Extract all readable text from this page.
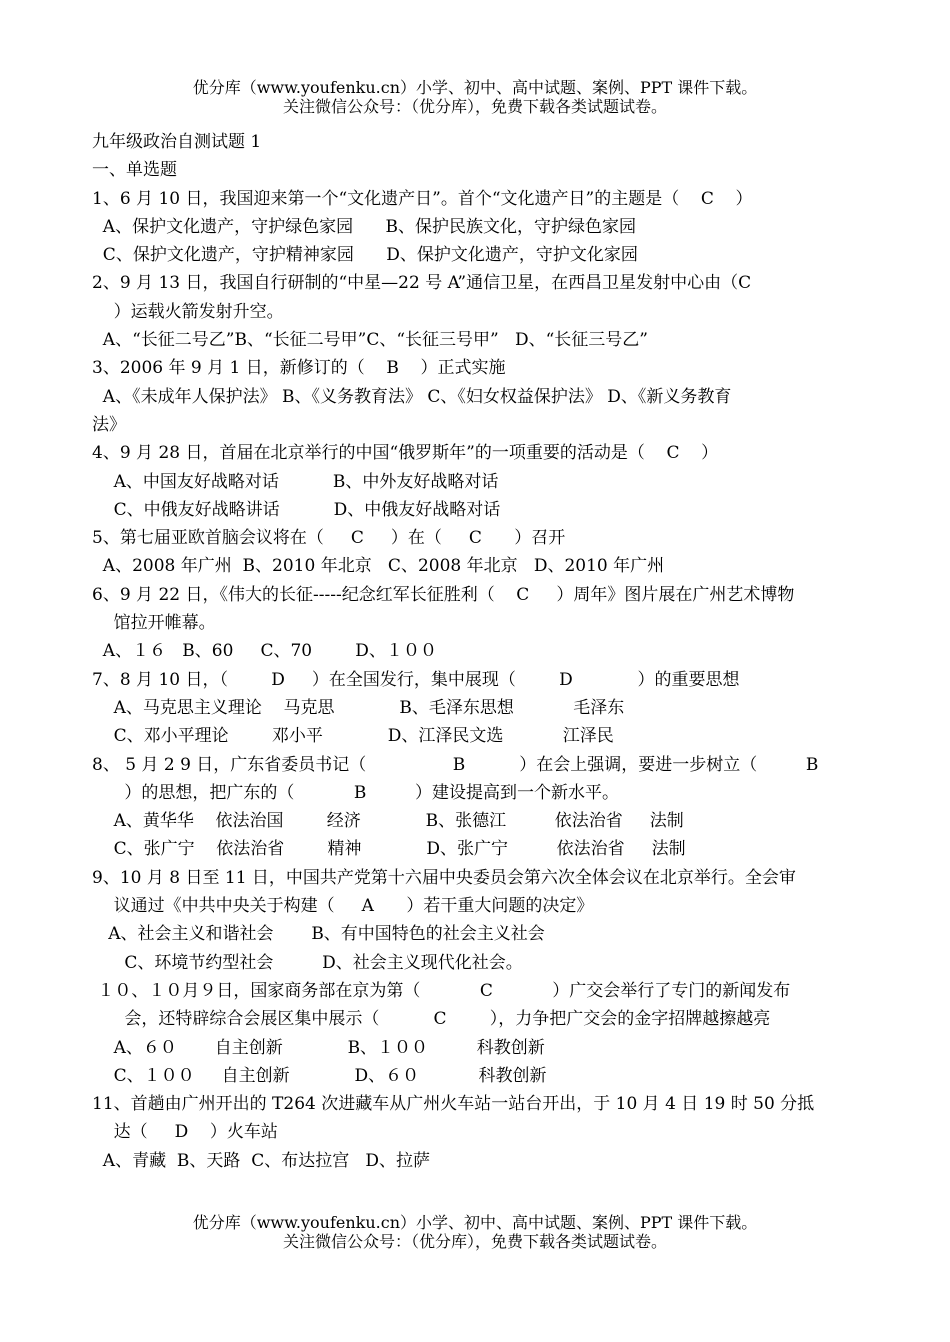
优分库（www.youfenku.cn）小学、初中、高中试题、案例、PPT 课件下载。
关注微信公众号：（优分库），免费下载各类试题试卷。
九年级政治自测试题 1
一、单选题
1、6 月 10 日，我国迎来第一个“文化遗产日”。首个“文化遗产日”的主题是（    C    ）
A、保护文化遗产，守护绿色家园      B、保护民族文化，守护绿色家园
C、保护文化遗产，守护精神家园      D、保护文化遗产，守护文化家园
2、9 月 13 日，我国自行研制的“中星—22 号 A”通信卫星，在西昌卫星发射中心由（C
）运载火箭发射升空。
A、“长征二号乙”B、“长征二号甲”C、“长征三号甲”   D、“长征三号乙”
3、2006 年 9 月 1 日，新修订的（    B    ）正式实施
A、《未成年人保护法》 B、《义务教育法》 C、《妇女权益保护法》 D、《新义务教育
法》
4、9 月 28 日，首届在北京举行的中国“俄罗斯年”的一项重要的活动是（    C    ）
A、中国友好战略对话          B、中外友好战略对话
C、中俄友好战略讲话          D、中俄友好战略对话
5、第七届亚欧首脑会议将在（     C     ）在（     C      ）召开
A、2008 年广州  B、2010 年北京   C、2008 年北京   D、2010 年广州
6、9 月 22 日，《伟大的长征-----纪念红军长征胜利（    C     ）周年》图片展在广州艺术博物
馆拉开帷幕。
A、１６   B、60     C、70        D、１００
7、8 月 10 日，（        D     ）在全国发行，集中展现（        D            ）的重要思想
A、马克思主义理论    马克思            B、毛泽东思想           毛泽东
C、邓小平理论        邓小平            D、江泽民文选           江泽民
8、 5 月 2 9 日，广东省委员书记（                B          ）在会上强调，要进一步树立（         B
）的思想，把广东的（           B         ）建设提高到一个新水平。
A、黄华华    依法治国        经济            B、张德江         依法治省     法制
C、张广宁    依法治省        精神            D、张广宁         依法治省     法制
9、10 月 8 日至 11 日，中国共产党第十六届中央委员会第六次全体会议在北京举行。全会审
议通过《中共中央关于构建（     A      ）若干重大问题的决定》
A、社会主义和谐社会       B、有中国特色的社会主义社会
C、环境节约型社会         D、社会主义现代化社会。
１０、１０月９日，国家商务部在京为第（           C           ）广交会举行了专门的新闻发布
会，还特辟综合会展区集中展示（          C        ），力争把广交会的金字招牌越擦越亮
A、６０       自主创新            B、１００         科教创新
C、１００     自主创新            D、６０           科教创新
11、首趟由广州开出的 T264 次进藏车从广州火车站一站台开出，于 10 月 4 日 19 时 50 分抵
达（     D    ）火车站
A、青藏  B、天路  C、布达拉宫   D、拉萨
优分库（www.youfenku.cn）小学、初中、高中试题、案例、PPT 课件下载。
关注微信公众号：（优分库），免费下载各类试题试卷。
